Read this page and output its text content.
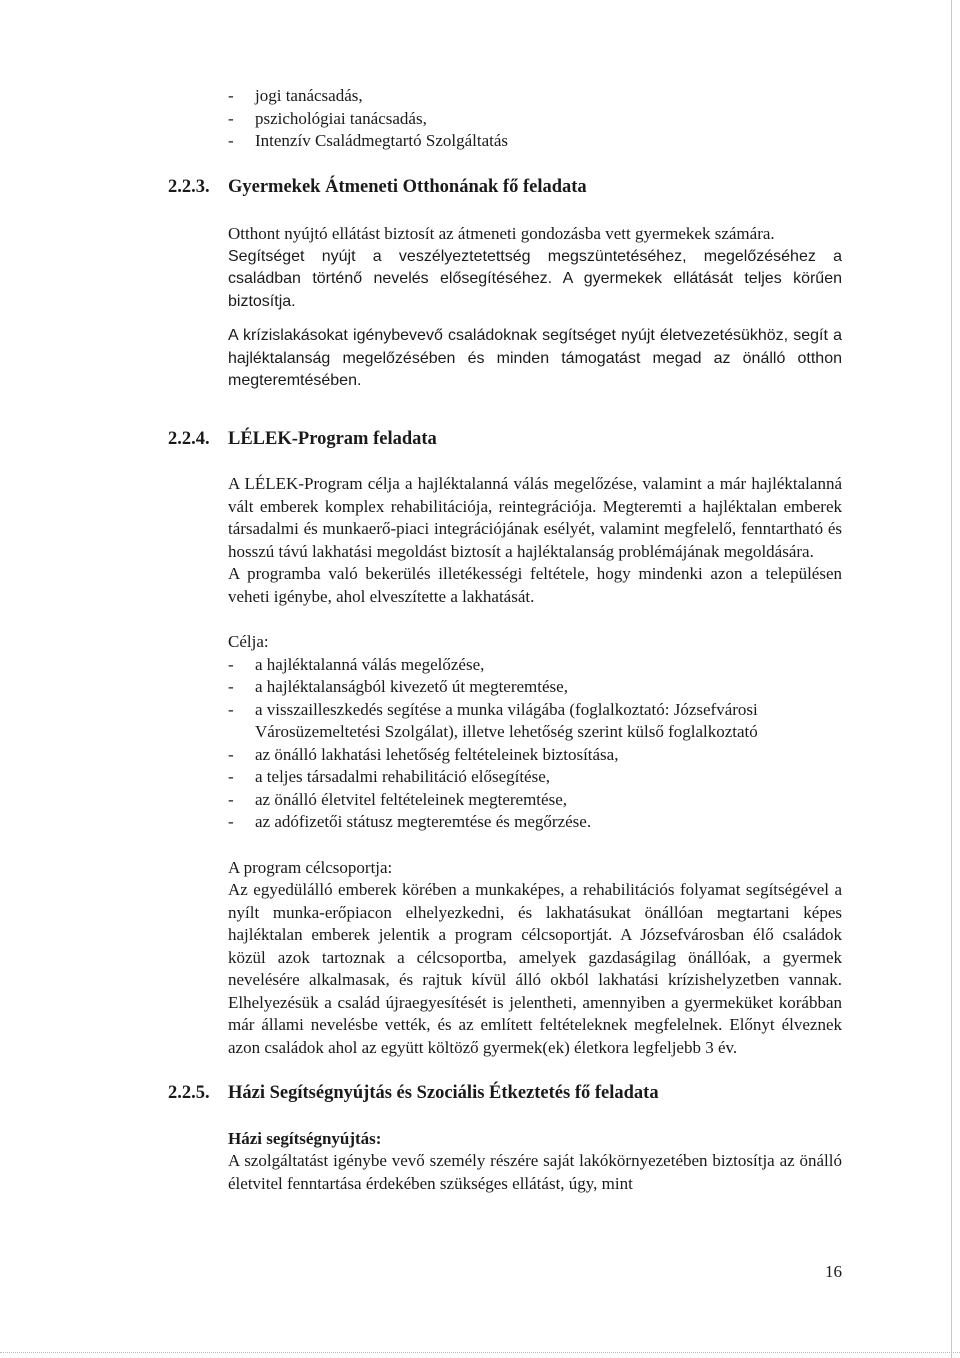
- jogi tanácsadás,
- pszichológiai tanácsadás,
- Intenzív Családmegtartó Szolgáltatás
2.2.3. Gyermekek Átmeneti Otthonának fő feladata

Otthont nyújtó ellátást biztosít az átmeneti gondozásba vett gyermekek számára.

Segítséget nyújt a veszélyeztetettség megszüntetéséhez, megelőzéséhez a családban történő nevelés elősegítéséhez. A gyermekek ellátását teljes körűen biztosítja.

A krízislakásokat igénybevevő családoknak segítséget nyújt életvezetésükhöz, segít a hajléktalanság megelőzésében és minden támogatást megad az önálló otthon megteremtésében.

2.2.4. LÉLEK-Program feladata

A LÉLEK-Program célja a hajléktalanná válás megelőzése, valamint a már hajléktalanná vált emberek komplex rehabilitációja, reintegrációja. Megteremti a hajléktalan emberek társadalmi és munkaerő-piaci integrációjának esélyét, valamint megfelelő, fenntartható és hosszú távú lakhatási megoldást biztosít a hajléktalanság problémájának megoldására.

A programba való bekerülés illetékességi feltétele, hogy mindenki azon a településen veheti igénybe, ahol elveszítette a lakhatását.

Célja:

- a hajléktalanná válás megelőzése,
- a hajléktalanságból kivezető út megteremtése,
- a visszailleszkedés segítése a munka világába (foglalkoztató: Józsefvárosi
Városüzemeltetési Szolgálat), illetve lehetőség szerint külső foglalkoztató
- az önálló lakhatási lehetőség feltételeinek biztosítása,
- a teljes társadalmi rehabilitáció elősegítése,
- az önálló életvitel feltételeinek megteremtése,
- az adófizetői státusz megteremtése és megőrzése.

A program célcsoportja:

Az egyedülálló emberek körében a munkaképes, a rehabilitációs folyamat segítségével a nyílt munka-erőpiacon elhelyezkedni, és lakhatásukat önállóan megtartani képes hajléktalan emberek jelentik a program célcsoportját. A Józsefvárosban élő családok közül azok tartoznak a célcsoportba, amelyek gazdaságilag önállóak, a gyermek nevelésére alkalmasak, és rajtuk kívül álló okból lakhatási krízishelyzetben vannak. Elhelyezésük a család újraegyesítését is jelentheti, amennyiben a gyermeküket korábban már állami nevelésbe vették, és az említett feltételeknek megfelelnek. Előnyt élveznek azon családok ahol az együtt költöző gyermek(ek) életkora legfeljebb 3 év.

2.2.5. Házi Segítségnyújtás és Szociális Étkeztetés fő feladata

Házi segítségnyújtás:

A szolgáltatást igénybe vevő személy részére saját lakókörnyezetében biztosítja az önálló életvitel fenntartása érdekében szükséges ellátást, úgy, mint

16
